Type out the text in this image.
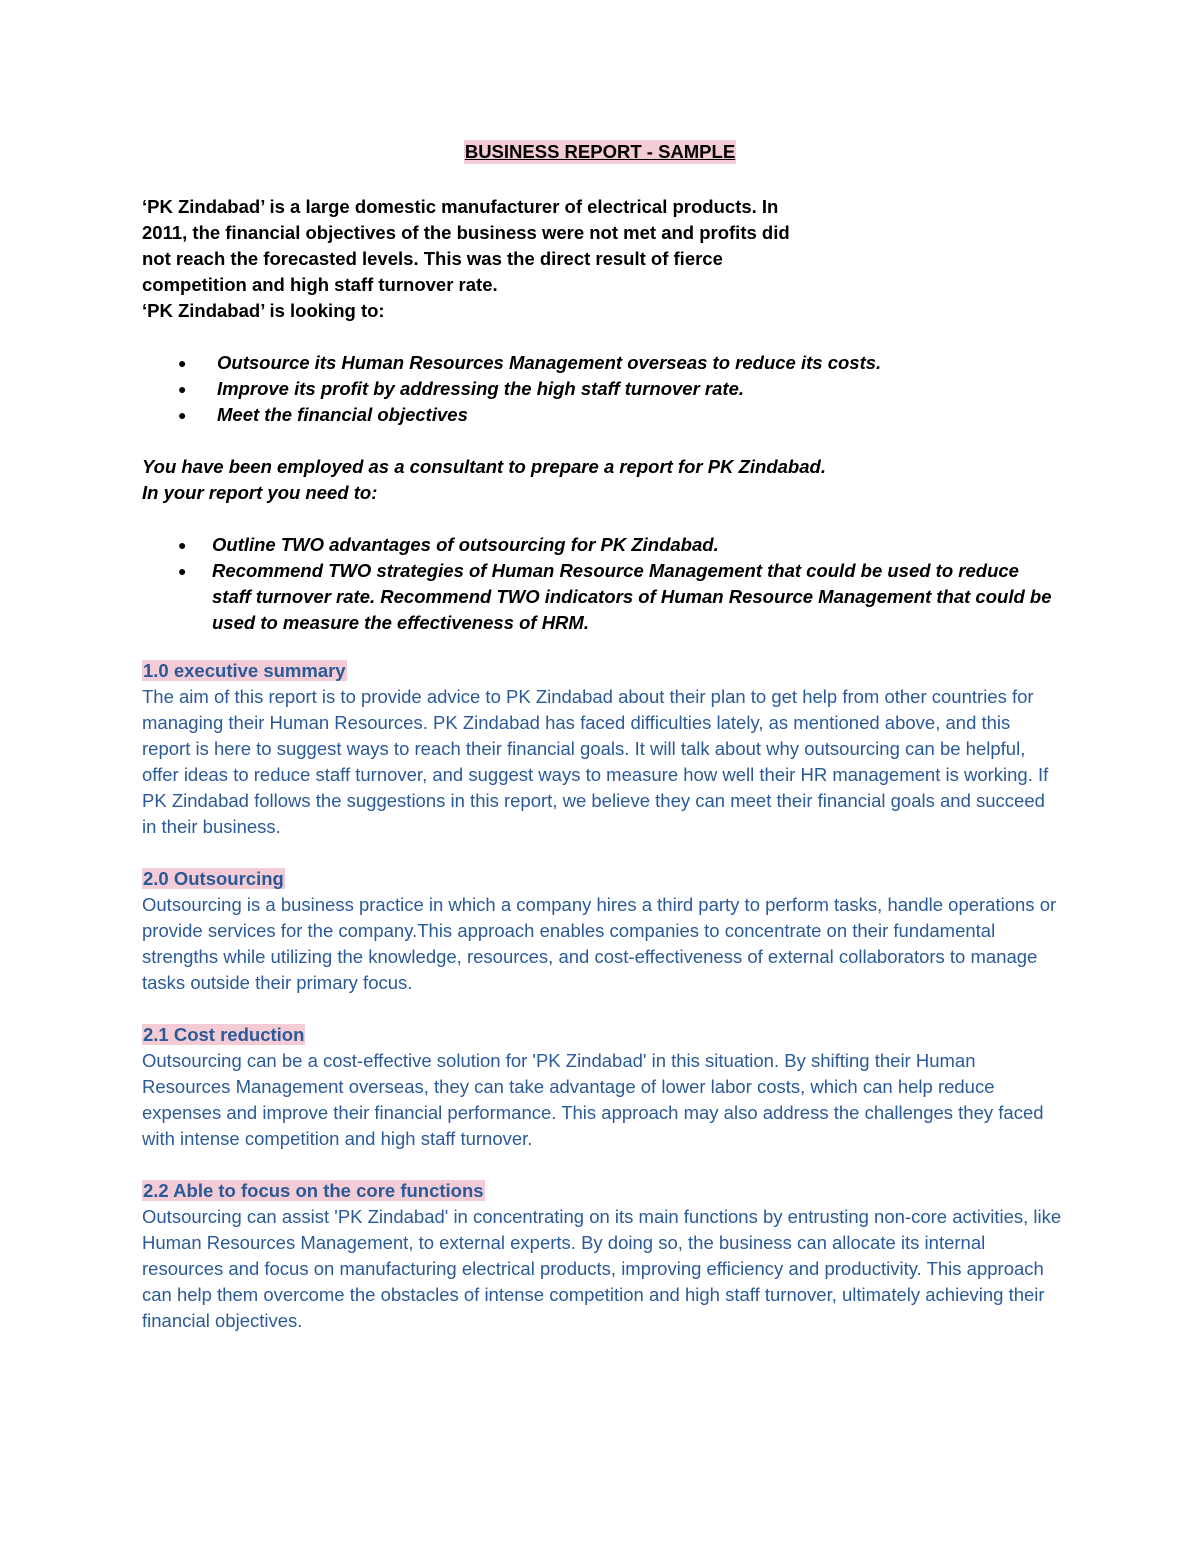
BUSINESS REPORT - SAMPLE

‘PK Zindabad’ is a large domestic manufacturer of electrical products. In

2011, the financial objectives of the business were not met and profits did

not reach the forecasted levels. This was the direct result of fierce

competition and high staff turnover rate.

‘PK Zindabad’ is looking to:

● Outsource its Human Resources Management overseas to reduce its costs.
● Improve its profit by addressing the high staff turnover rate.
● Meet the financial objectives

You have been employed as a consultant to prepare a report for PK Zindabad.

In your report you need to:

● Outline TWO advantages of outsourcing for PK Zindabad.
● Recommend TWO strategies of Human Resource Management that could be used to reduce staff turnover rate. Recommend TWO indicators of Human Resource Management that could be used to measure the effectiveness of HRM.
1.0 executive summary

The aim of this report is to provide advice to PK Zindabad about their plan to get help from other countries for managing their Human Resources. PK Zindabad has faced difficulties lately, as mentioned above, and this report is here to suggest ways to reach their financial goals. It will talk about why outsourcing can be helpful, offer ideas to reduce staff turnover, and suggest ways to measure how well their HR management is working. If PK Zindabad follows the suggestions in this report, we believe they can meet their financial goals and succeed in their business.

2.0 Outsourcing

Outsourcing is a business practice in which a company hires a third party to perform tasks, handle operations or provide services for the company.This approach enables companies to concentrate on their fundamental strengths while utilizing the knowledge, resources, and cost-effectiveness of external collaborators to manage tasks outside their primary focus.

2.1 Cost reduction

Outsourcing can be a cost-effective solution for 'PK Zindabad' in this situation. By shifting their Human Resources Management overseas, they can take advantage of lower labor costs, which can help reduce expenses and improve their financial performance. This approach may also address the challenges they faced with intense competition and high staff turnover.

2.2 Able to focus on the core functions

Outsourcing can assist 'PK Zindabad' in concentrating on its main functions by entrusting non-core activities, like Human Resources Management, to external experts. By doing so, the business can allocate its internal resources and focus on manufacturing electrical products, improving efficiency and productivity. This approach can help them overcome the obstacles of intense competition and high staff turnover, ultimately achieving their financial objectives.
